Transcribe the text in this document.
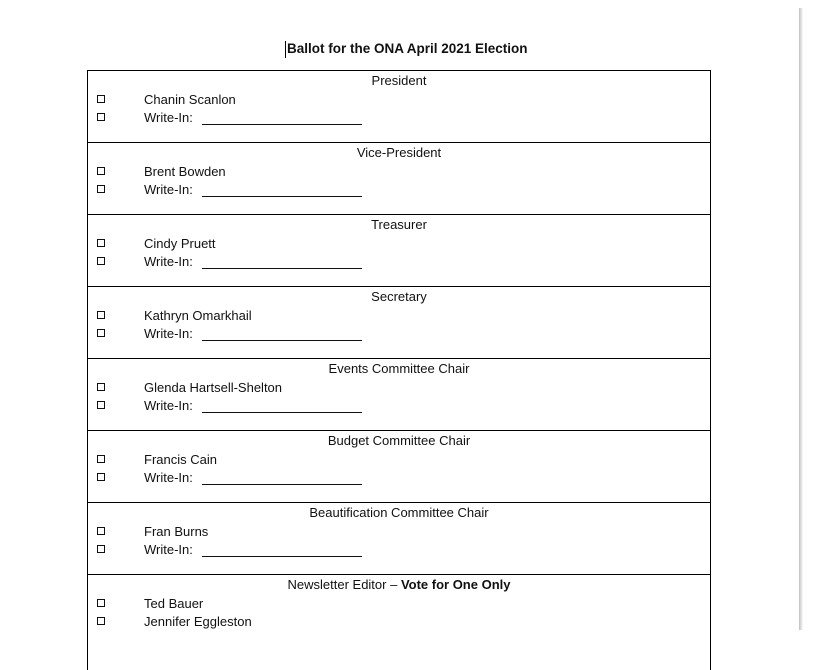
Ballot for the ONA April 2021 Election
President
Chanin Scanlon
Write-In:
Vice-President
Brent Bowden
Write-In:
Treasurer
Cindy Pruett
Write-In:
Secretary
Kathryn Omarkhail
Write-In:
Events Committee Chair
Glenda Hartsell-Shelton
Write-In:
Budget Committee Chair
Francis Cain
Write-In:
Beautification Committee Chair
Fran Burns
Write-In:
Newsletter Editor – Vote for One Only
Ted Bauer
Jennifer Eggleston
